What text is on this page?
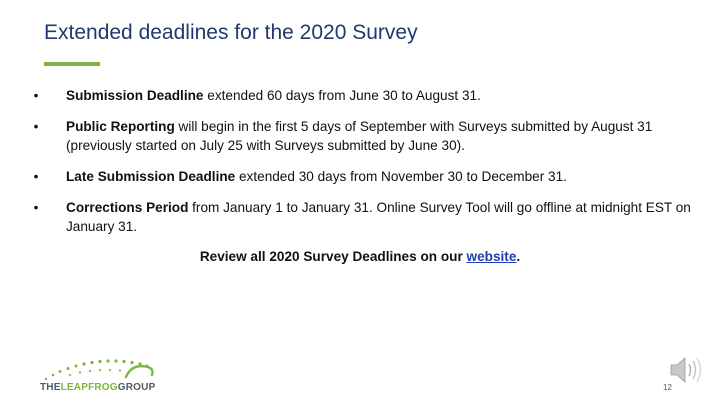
Extended deadlines for the 2020 Survey
• Submission Deadline extended 60 days from June 30 to August 31.
• Public Reporting will begin in the first 5 days of September with Surveys submitted by August 31 (previously started on July 25 with Surveys submitted by June 30).
• Late Submission Deadline extended 30 days from November 30 to December 31.
• Corrections Period from January 1 to January 31. Online Survey Tool will go offline at midnight EST on January 31.
Review all 2020 Survey Deadlines on our website.
THELEAPFROGGROUP	12
